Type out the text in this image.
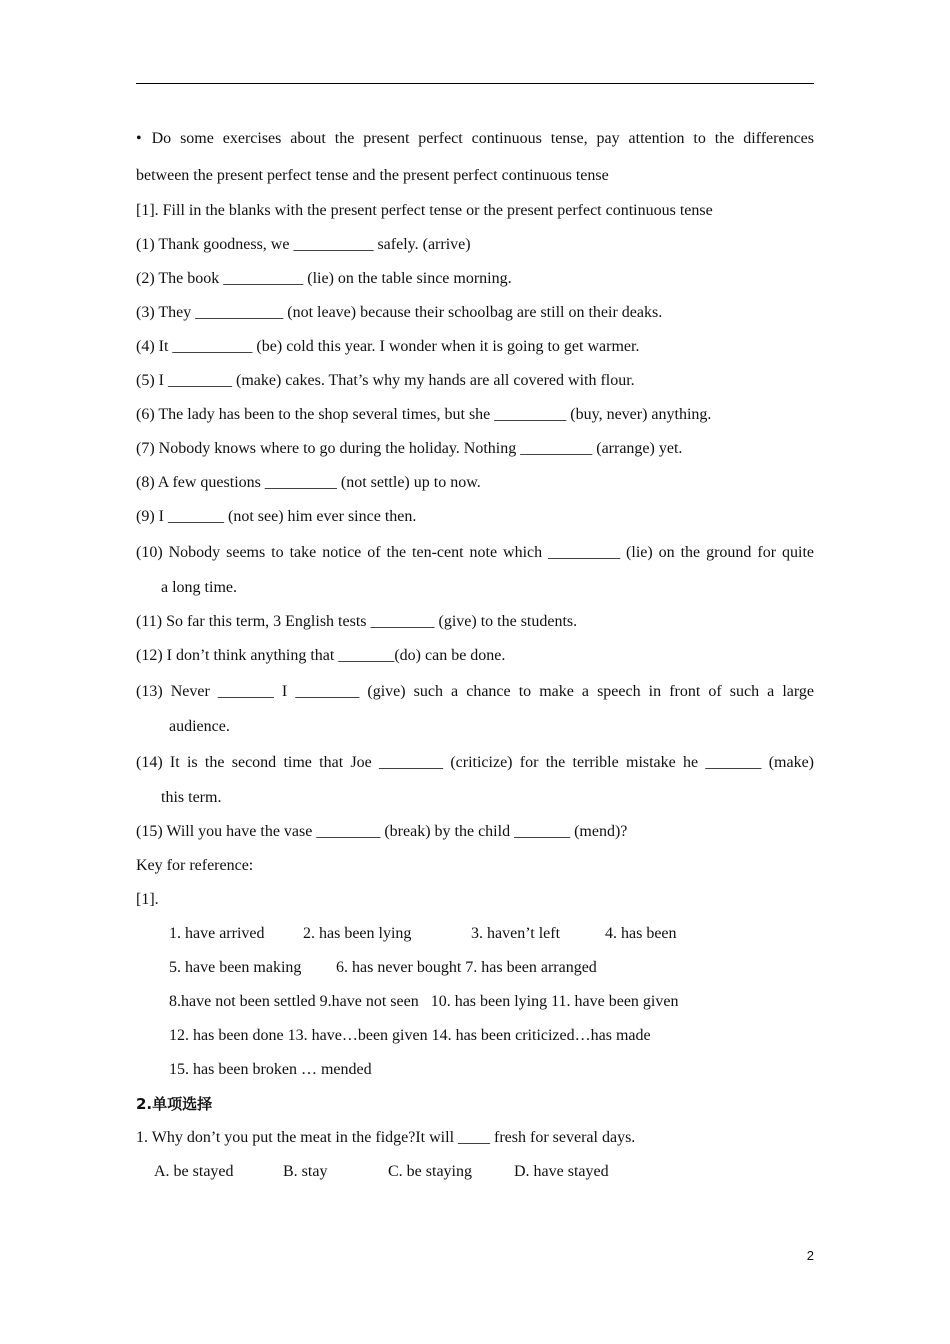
• Do some exercises about the present perfect continuous tense, pay attention to the differences
between the present perfect tense and the present perfect continuous tense
[1]. Fill in the blanks with the present perfect tense or the present perfect continuous tense
(1) Thank goodness, we __________ safely. (arrive)
(2) The book __________ (lie) on the table since morning.
(3) They ___________ (not leave) because their schoolbag are still on their deaks.
(4) It __________ (be) cold this year. I wonder when it is going to get warmer.
(5) I ________ (make) cakes. That’s why my hands are all covered with flour.
(6) The lady has been to the shop several times, but she _________ (buy, never) anything.
(7) Nobody knows where to go during the holiday. Nothing _________ (arrange) yet.
(8) A few questions _________ (not settle) up to now.
(9) I _______ (not see) him ever since then.
(10) Nobody seems to take notice of the ten-cent note which _________ (lie) on the ground for quite
a long time.
(11) So far this term, 3 English tests ________ (give) to the students.
(12) I don’t think anything that _______(do) can be done.
(13) Never _______ I ________ (give) such a chance to make a speech in front of such a large
audience.
(14) It is the second time that Joe ________ (criticize) for the terrible mistake he _______ (make)
this term.
(15) Will you have the vase ________ (break) by the child _______ (mend)?
Key for reference:
[1].
1. have arrived 2. has been lying	3. haven’t left	4. has been
5. have been making 6. has never bought 7. has been arranged
8.have not been settled 9.have not seen   10. has been lying 11. have been given
12. has been done 13. have…been given 14. has been criticized…has made
15. has been broken … mended
2.单项选择
1. Why don’t you put the meat in the fidge?It will ____ fresh for several days.
A. be stayed	B. stay	C. be staying	D. have stayed
2
